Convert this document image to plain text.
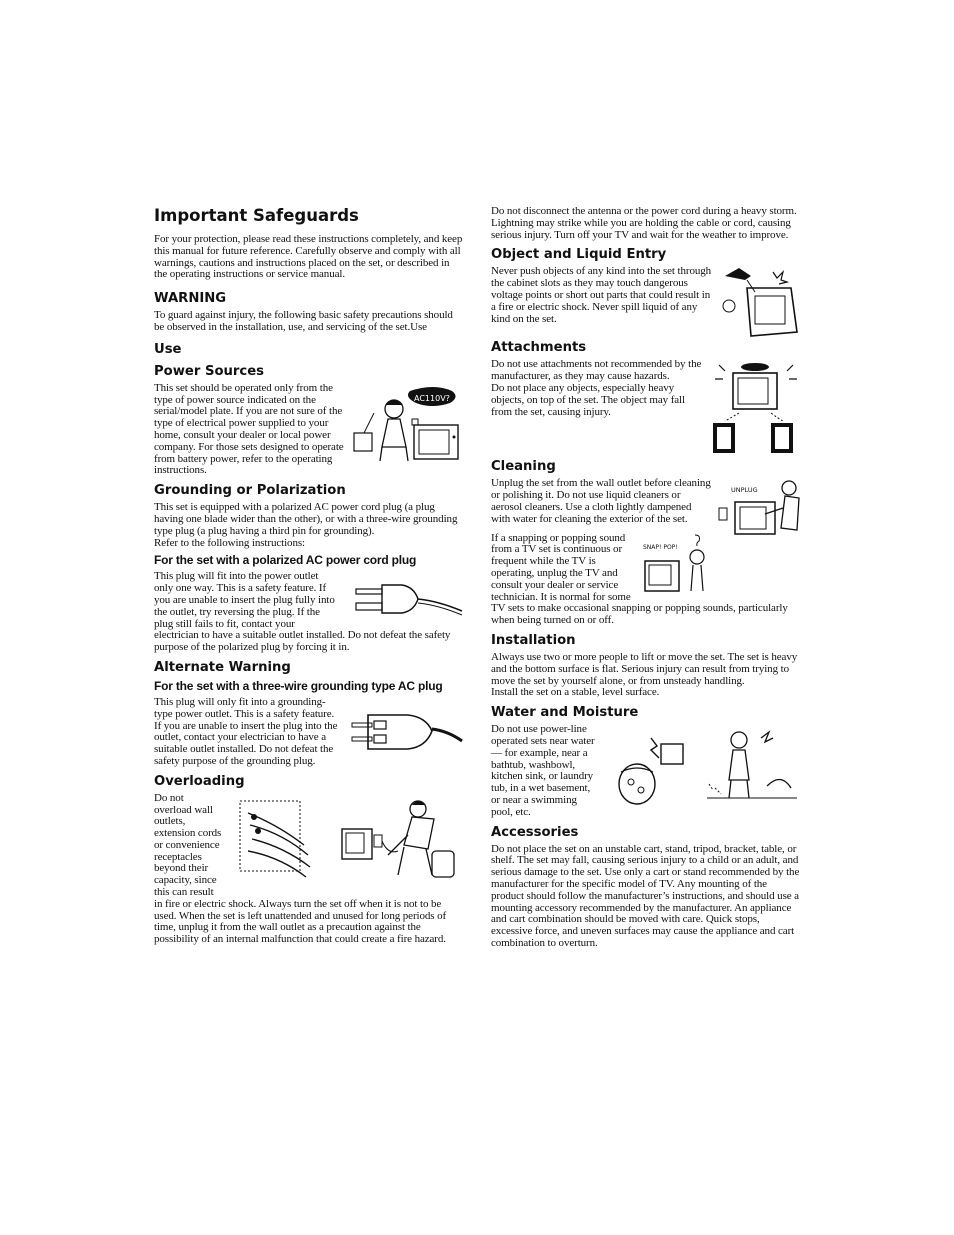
Important Safeguards

For your protection, please read these instructions completely, and keep this manual for future reference. Carefully observe and comply with all warnings, cautions and instructions placed on the set, or described in the operating instructions or service manual.

WARNING

To guard against injury, the following basic safety precautions should be observed in the installation, use, and servicing of the set.Use

Use
Power Sources
AC110V?

This set should be operated only from the type of power source indicated on the serial/model plate. If you are not sure of the type of electrical power supplied to your home, consult your dealer or local power company. For those sets designed to operate from battery power, refer to the operating instructions.

Grounding or Polarization

This set is equipped with a polarized AC power cord plug (a plug having one blade wider than the other), or with a three-wire grounding type plug (a plug having a third pin for grounding).

Refer to the following instructions:

For the set with a polarized AC power cord plug

This plug will fit into the power outlet only one way. This is a safety feature. If you are unable to insert the plug fully into the outlet, try reversing the plug. If the plug still fails to fit, contact your electrician to have a suitable outlet installed. Do not defeat the safety purpose of the polarized plug by forcing it in.

Alternate Warning
For the set with a three-wire grounding type AC plug

This plug will only fit into a grounding-type power outlet. This is a safety feature. If you are unable to insert the plug into the outlet, contact your electrician to have a suitable outlet installed. Do not defeat the safety purpose of the grounding plug.

Overloading

Do not overload wall outlets, extension cords or convenience receptacles beyond their capacity, since this can result in fire or electric shock. Always turn the set off when it is not to be used. When the set is left unattended and unused for long periods of time, unplug it from the wall outlet as a precaution against the possibility of an internal malfunction that could create a fire hazard.

Do not disconnect the antenna or the power cord during a heavy storm. Lightning may strike while you are holding the cable or cord, causing serious injury. Turn off your TV and wait for the weather to improve.

Object and Liquid Entry

Never push objects of any kind into the set through the cabinet slots as they may touch dangerous voltage points or short out parts that could result in a fire or electric shock. Never spill liquid of any kind on the set.

Attachments

Do not use attachments not recommended by the manufacturer, as they may cause hazards.

Do not place any objects, especially heavy objects, on top of the set. The object may fall from the set, causing injury.

Cleaning
UNPLUG

Unplug the set from the wall outlet before cleaning or polishing it. Do not use liquid cleaners or aerosol cleaners. Use a cloth lightly dampened with water for cleaning the exterior of the set.

SNAP! POP!

If a snapping or popping sound from a TV set is continuous or frequent while the TV is operating, unplug the TV and consult your dealer or service technician. It is normal for some TV sets to make occasional snapping or popping sounds, particularly when being turned on or off.

Installation

Always use two or more people to lift or move the set. The set is heavy and the bottom surface is flat. Serious injury can result from trying to move the set by yourself alone, or from unsteady handling.

Install the set on a stable, level surface.

Water and Moisture

Do not use power-line operated sets near water — for example, near a bathtub, washbowl, kitchen sink, or laundry tub, in a wet basement, or near a swimming pool, etc.

Accessories

Do not place the set on an unstable cart, stand, tripod, bracket, table, or shelf. The set may fall, causing serious injury to a child or an adult, and serious damage to the set. Use only a cart or stand recommended by the manufacturer for the specific model of TV. Any mounting of the product should follow the manufacturer’s instructions, and should use a mounting accessory recommended by the manufacturer. An appliance and cart combination should be moved with care. Quick stops, excessive force, and uneven surfaces may cause the appliance and cart combination to overturn.
